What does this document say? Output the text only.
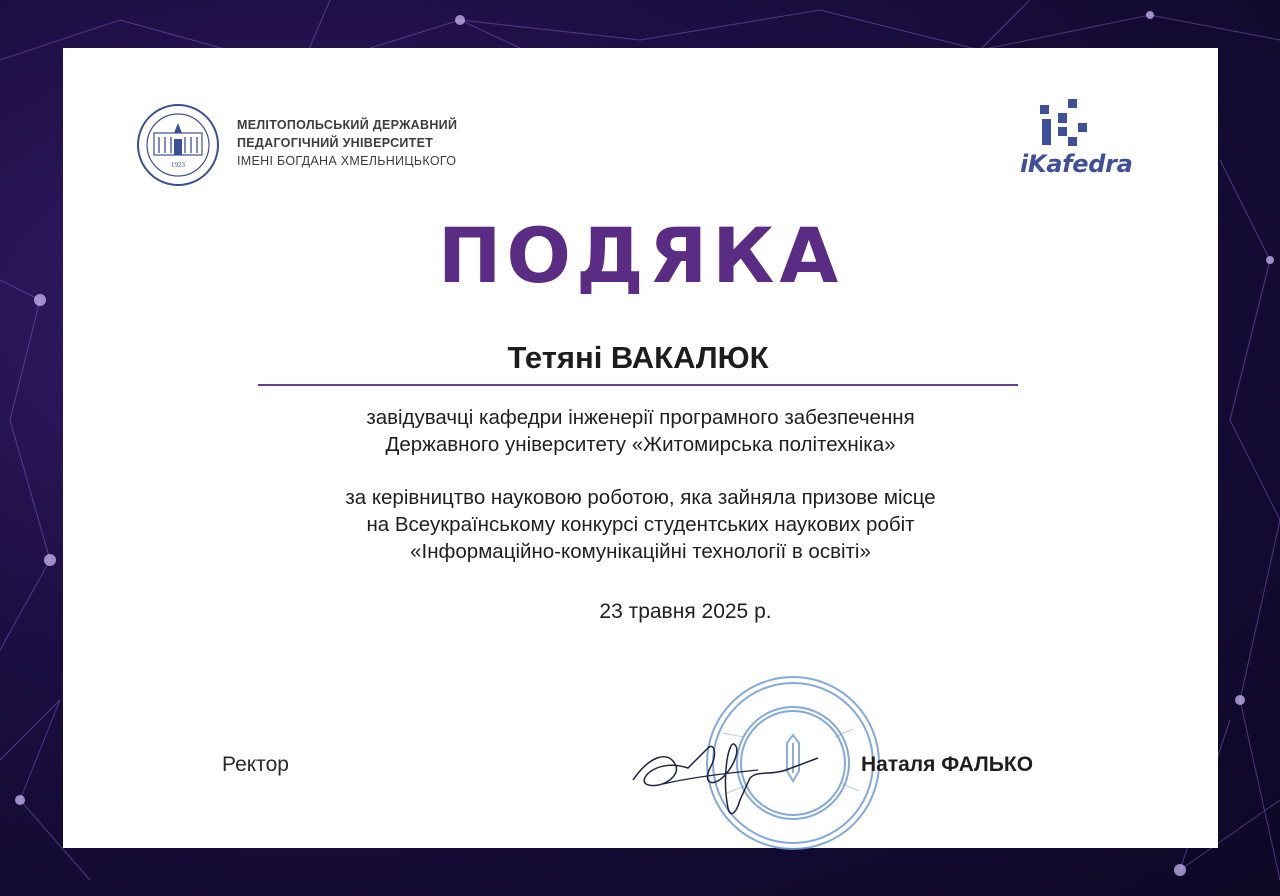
1923
МЕЛІТОПОЛЬСЬКИЙ ДЕРЖАВНИЙ
ПЕДАГОГІЧНИЙ УНІВЕРСИТЕТ
ІМЕНІ БОГДАНА ХМЕЛЬНИЦЬКОГО	iKafedra
ПОДЯКА
Тетяні ВАКАЛЮК
завідувачці кафедри інженерії програмного забезпечення
Державного університету «Житомирська політехніка»
за керівництво науковою роботою, яка зайняла призове місце
на Всеукраїнському конкурсі студентських наукових робіт
«Інформаційно-комунікаційні технології в освіті»
23 травня 2025 р.
Ректор	Наталя ФАЛЬКО
